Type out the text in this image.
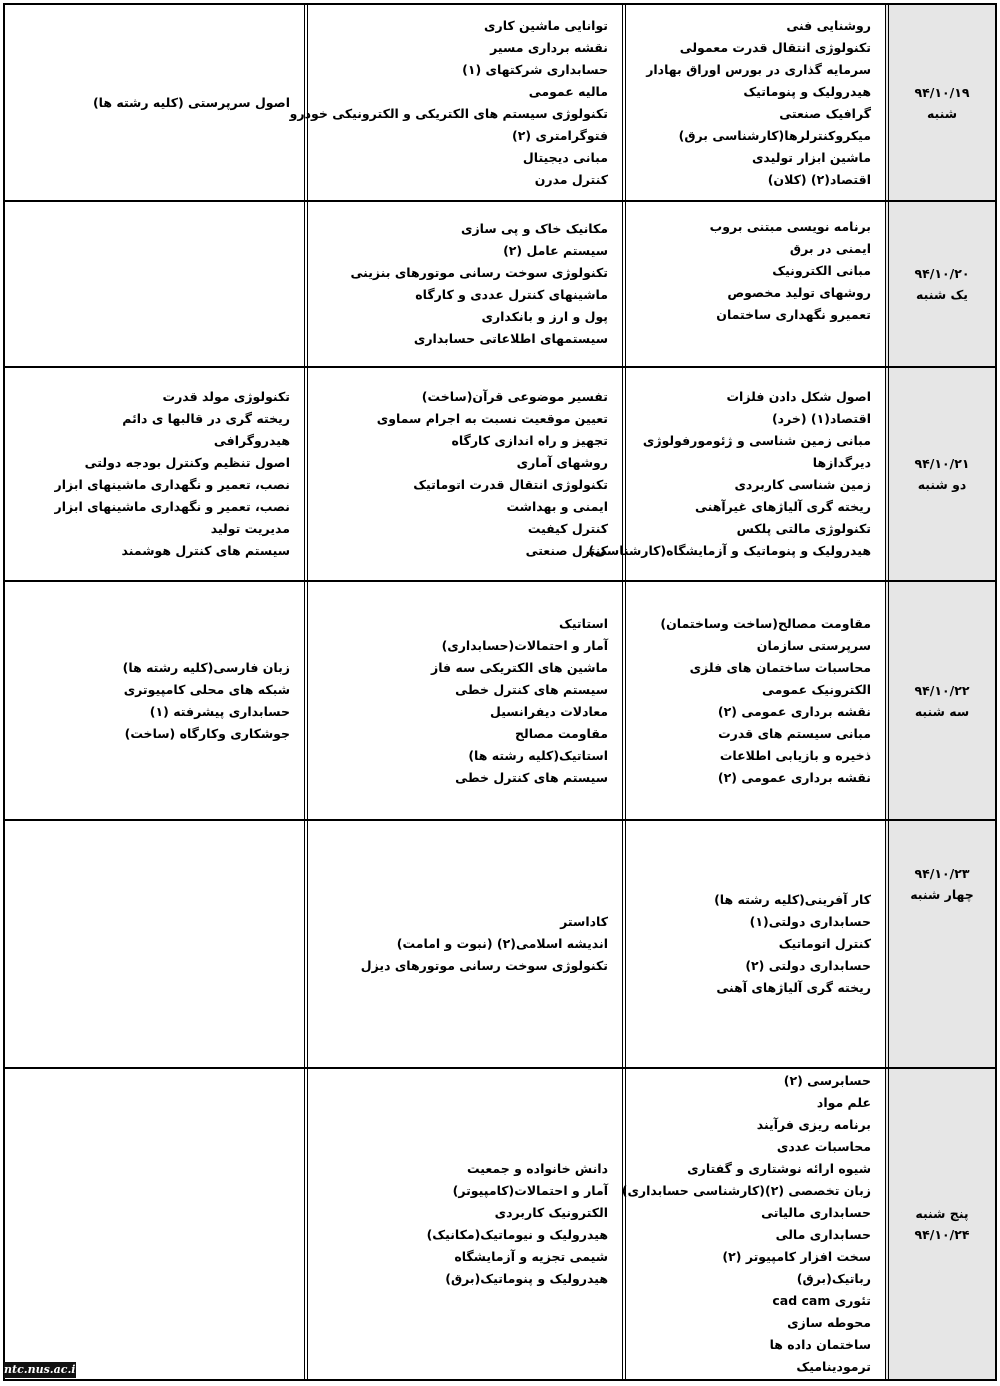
۹۴/۱۰/۱۹
شنبه
روشنایی فنی
تکنولوژی انتقال قدرت معمولی
سرمایه گذاری در بورس اوراق بهادار
هیدرولیک و پنوماتیک
گرافیک صنعتی
میکروکنترلرها(کارشناسی برق)
ماشین ابزار تولیدی
اقتصاد(۲) (کلان)
توانایی ماشین کاری
نقشه برداری مسیر
حسابداری شرکتهای (۱)
مالیه عمومی
تکنولوژی سیستم های الکتریکی و الکترونیکی خودرو
فتوگرامتری (۲)
مبانی دیجیتال
کنترل مدرن
اصول سرپرستی (کلیه رشته ها)
۹۴/۱۰/۲۰
یک شنبه
برنامه نویسی مبتنی بروب
ایمنی در برق
مبانی الکترونیک
روشهای تولید مخصوص
تعمیرو نگهداری ساختمان
مکانیک خاک و پی سازی
سیستم عامل (۲)
تکنولوژی سوخت رسانی موتورهای بنزینی
ماشینهای کنترل عددی و کارگاه
پول و ارز و بانکداری
سیستمهای اطلاعاتی حسابداری
۹۴/۱۰/۲۱
دو شنبه
اصول شکل دادن فلزات
اقتصاد(۱) (خرد)
مبانی زمین شناسی و ژئومورفولوژی
دیرگدازها
زمین شناسی کاربردی
ریخته گری آلیاژهای غیرآهنی
تکنولوژی مالتی پلکس
هیدرولیک و پنوماتیک و آزمایشگاه(کارشناسی)
تفسیر موضوعی قرآن(ساخت)
تعیین موقعیت نسبت به اجرام سماوی
تجهیز و راه اندازی کارگاه
روشهای آماری
تکنولوژی انتقال قدرت اتوماتیک
ایمنی و بهداشت
کنترل کیفیت
کنترل صنعتی
تکنولوژی مولد قدرت
ریخته گری در قالبها ی دائم
هیدروگرافی
اصول تنظیم وکنترل بودجه دولتی
نصب، تعمیر و نگهداری ماشینهای ابزار
نصب، تعمیر و نگهداری ماشینهای ابزار
مدیریت تولید
سیستم های کنترل هوشمند
۹۴/۱۰/۲۲
سه شنبه
مقاومت مصالح(ساخت وساختمان)
سرپرستی سازمان
محاسبات ساختمان های فلزی
الکترونیک عمومی
نقشه برداری عمومی (۲)
مبانی سیستم های قدرت
ذخیره و بازیابی اطلاعات
نقشه برداری عمومی (۲)
استاتیک
آمار و احتمالات(حسابداری)
ماشین های الکتریکی سه فاز
سیستم های کنترل خطی
معادلات دیفرانسیل
مقاومت مصالح
استاتیک(کلیه رشته ها)
سیستم های کنترل خطی
زبان فارسی(کلیه رشته ها)
شبکه های محلی کامپیوتری
حسابداری پیشرفته (۱)
جوشکاری وکارگاه (ساخت)
۹۴/۱۰/۲۳
چهار شنبه
کار آفرینی(کلیه رشته ها)
حسابداری دولتی(۱)
کنترل اتوماتیک
حسابداری دولتی (۲)
ریخته گری آلیاژهای آهنی
کاداستر
اندیشه اسلامی(۲) (نبوت و امامت)
تکنولوژی سوخت رسانی موتورهای دیزل
پنج شنبه
۹۴/۱۰/۲۴
حسابرسی (۲)
علم مواد
برنامه ریزی فرآیند
محاسبات عددی
شیوه ارائه نوشتاری و گفتاری
زبان تخصصی (۲)(کارشناسی حسابداری)
حسابداری مالیاتی
حسابداری مالی
سخت افزار کامپیوتر (۲)
رباتیک(برق)
تئوری cad cam
محوطه سازی
ساختمان داده ها
ترمودینامیک
دانش خانواده و جمعیت
آمار و احتمالات(کامپیوتر)
الکترونیک کاربردی
هیدرولیک و نیوماتیک(مکانیک)
شیمی تجزیه و آزمایشگاه
هیدرولیک و پنوماتیک(برق)
ntc.nus.ac.ir
